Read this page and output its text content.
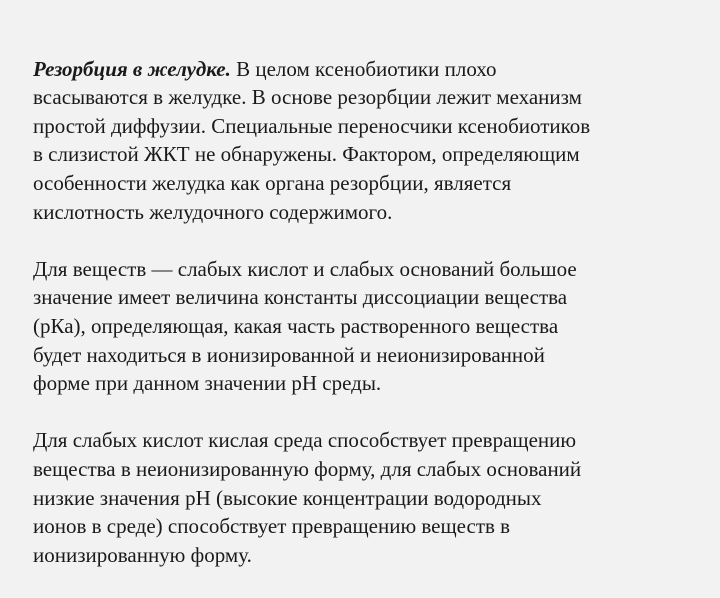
Резорбция в желудке. В целом ксенобиотики плохо
всасываются в желудке. В основе резорбции лежит механизм
простой диффузии. Специальные переносчики ксенобиотиков
в слизистой ЖКТ не обнаружены. Фактором, определяющим
особенности желудка как органа резорбции, является
кислотность желудочного содержимого.

Для веществ — слабых кислот и слабых оснований большое
значение имеет величина константы диссоциации вещества
(рКа), определяющая, какая часть растворенного вещества
будет находиться в ионизированной и неионизированной
форме при данном значении рН среды.

Для слабых кислот кислая среда способствует превращению
вещества в неионизированную форму, для слабых оснований
низкие значения рН (высокие концентрации водородных
ионов в среде) способствует превращению веществ в
ионизированную форму.
